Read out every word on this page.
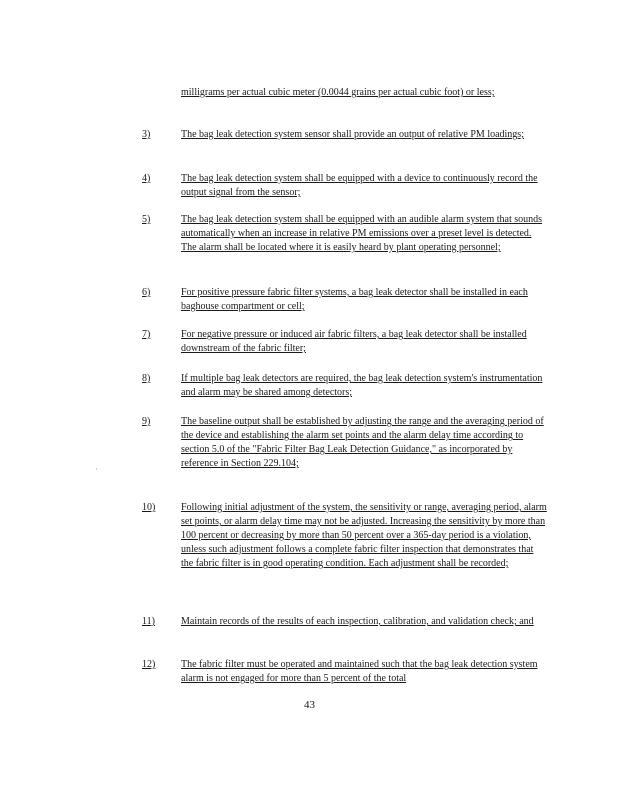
milligrams per actual cubic meter (0.0044 grains per actual cubic foot) or less;
3)	The bag leak detection system sensor shall provide an output of relative PM loadings;
4)	The bag leak detection system shall be equipped with a device to continuously record the output signal from the sensor;
5)	The bag leak detection system shall be equipped with an audible alarm system that sounds automatically when an increase in relative PM emissions over a preset level is detected. The alarm shall be located where it is easily heard by plant operating personnel;
6)	For positive pressure fabric filter systems, a bag leak detector shall be installed in each baghouse compartment or cell;
7)	For negative pressure or induced air fabric filters, a bag leak detector shall be installed downstream of the fabric filter;
8)	If multiple bag leak detectors are required, the bag leak detection system's instrumentation and alarm may be shared among detectors;
9)	The baseline output shall be established by adjusting the range and the averaging period of the device and establishing the alarm set points and the alarm delay time according to section 5.0 of the "Fabric Filter Bag Leak Detection Guidance," as incorporated by reference in Section 229.104;
·
10)	Following initial adjustment of the system, the sensitivity or range, averaging period, alarm set points, or alarm delay time may not be adjusted. Increasing the sensitivity by more than 100 percent or decreasing by more than 50 percent over a 365-day period is a violation, unless such adjustment follows a complete fabric filter inspection that demonstrates that the fabric filter is in good operating condition. Each adjustment shall be recorded;
11)	Maintain records of the results of each inspection, calibration, and validation check; and
12)	The fabric filter must be operated and maintained such that the bag leak detection system alarm is not engaged for more than 5 percent of the total
43
